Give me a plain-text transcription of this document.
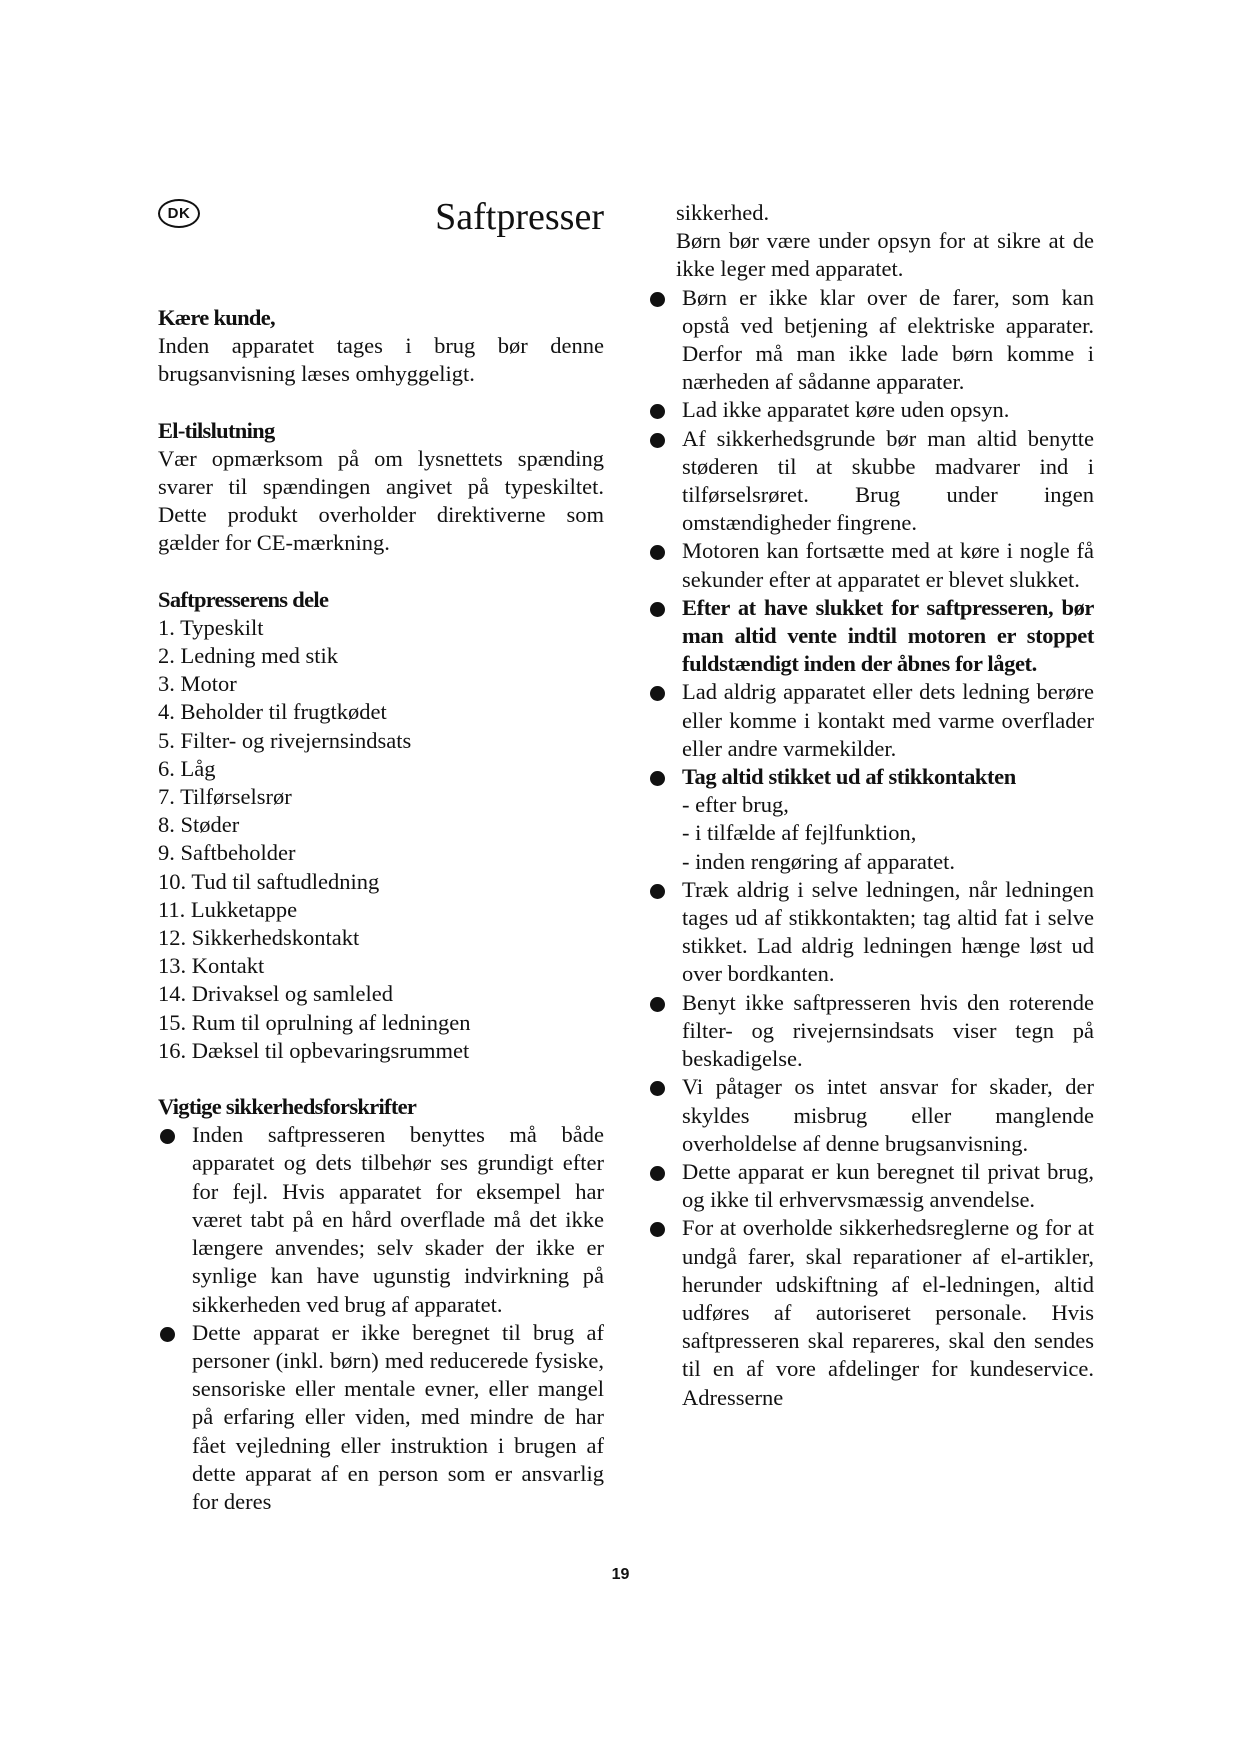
DK	Saftpresser
Kære kunde,

Inden apparatet tages i brug bør denne brugsanvisning læses omhyggeligt.

El-tilslutning

Vær opmærksom på om lysnettets spænding svarer til spændingen angivet på typeskiltet. Dette produkt overholder direktiverne som gælder for CE-mærkning.

Saftpresserens dele
1. Typeskilt
2. Ledning med stik
3. Motor
4. Beholder til frugtkødet
5. Filter- og rivejernsindsats
6. Låg
7. Tilførselsrør
8. Støder
9. Saftbeholder
10. Tud til saftudledning
11. Lukketappe
12. Sikkerhedskontakt
13. Kontakt
14. Drivaksel og samleled
15. Rum til oprulning af ledningen
16. Dæksel til opbevaringsrummet
Vigtige sikkerhedsforskrifter
Inden saftpresseren benyttes må både apparatet og dets tilbehør ses grundigt efter for fejl. Hvis apparatet for eksempel har været tabt på en hård overflade må det ikke længere anvendes; selv skader der ikke er synlige kan have ugunstig indvirkning på sikkerheden ved brug af apparatet.
Dette apparat er ikke beregnet til brug af personer (inkl. børn) med reducerede fysiske, sensoriske eller mentale evner, eller mangel på erfaring eller viden, med mindre de har fået vejledning eller instruktion i brugen af dette apparat af en person som er ansvarlig for deres

sikkerhed.

Børn bør være under opsyn for at sikre at de ikke leger med apparatet.

Børn er ikke klar over de farer, som kan opstå ved betjening af elektriske apparater. Derfor må man ikke lade børn komme i nærheden af sådanne apparater.
Lad ikke apparatet køre uden opsyn.
Af sikkerhedsgrunde bør man altid benytte støderen til at skubbe madvarer ind i tilførselsrøret. Brug under ingen omstændigheder fingrene.
Motoren kan fortsætte med at køre i nogle få sekunder efter at apparatet er blevet slukket.
Efter at have slukket for saftpresseren, bør man altid vente indtil motoren er stoppet fuldstændigt inden der åbnes for låget.
Lad aldrig apparatet eller dets ledning berøre eller komme i kontakt med varme overflader eller andre varmekilder.
Tag altid stikket ud af stikkontakten
- efter brug,
- i tilfælde af fejlfunktion,
- inden rengøring af apparatet.
Træk aldrig i selve ledningen, når ledningen tages ud af stikkontakten; tag altid fat i selve stikket. Lad aldrig ledningen hænge løst ud over bordkanten.
Benyt ikke saftpresseren hvis den roterende filter- og rivejernsindsats viser tegn på beskadigelse.
Vi påtager os intet ansvar for skader, der skyldes misbrug eller manglende overholdelse af denne brugsanvisning.
Dette apparat er kun beregnet til privat brug, og ikke til erhvervsmæssig anvendelse.
For at overholde sikkerhedsreglerne og for at undgå farer, skal reparationer af el-artikler, herunder udskiftning af el-ledningen, altid udføres af autoriseret personale. Hvis saftpresseren skal repareres, skal den sendes til en af vore afdelinger for kundeservice. Adresserne
19
